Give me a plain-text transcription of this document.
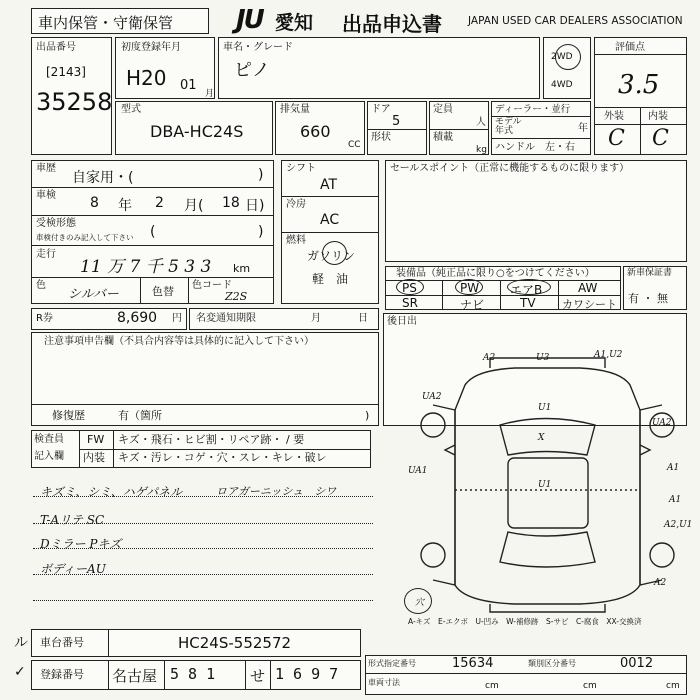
車内保管・守衛保管 JU 愛知 出品申込書 JAPAN USED CAR DEALERS ASSOCIATION
出品番号
[2143]
35258
初度登録年月
H20 01
月
車名・グレード
ピノ
2WD
4WD
評価点
3.5
外装 内装
C C
型式
DBA-HC24S
排気量
660
CC
ドア
5
形状
定員
人
積載
kg
ディーラー・並行
モデル
年式	年
ハンドル 左・右
車歴
自家用・(	)
車検 8 年 2 月( 18 日)
受検形態
車検付きのみ記入して下さい (	)
走行
11 万 7 千 5 3 3 km
色
シルバー	色替 色コード
Z2S
シフト
AT
冷房
AC
燃料
ガソリン
軽　油
セールスポイント（正常に機能するものに限ります）
装備品（純正品に限り○をつけてください）
PS	PW	エアB	AW
SR	ナビ	TV カワシート
新車保証書
有 ・ 無
R券	8,690 円 名変通知期限	月	日
注意事項申告欄（不具合内容等は具体的に記入して下さい）
修復歴	有（箇所	)
後日出
検査員
記入欄
FW キズ・飛石・ヒビ割・リペア跡・ / 要
内装 キズ・汚レ・コゲ・穴・スレ・キレ・破レ
キズミ、シミ、ハゲパネル	ロアガーニッシュ　シワ
T-Aリテ SC
Dミラー Pキズ
ボディーAU
A2	U3	A1,U2
UA2
U1
X
U1
UA1	A1
A1
A2,U1
UA2
A2
穴
A-キズ　E-エクボ　U-凹み　W-補修跡　S-サビ　C-腐食　XX-交換済
ル
✓
車台番号	HC24S-552572
登録番号 名古屋 5 8 1 せ 1 6 9 7
形式指定番号	15634	類別区分番号	0012
車両寸法	cm	cm	cm
